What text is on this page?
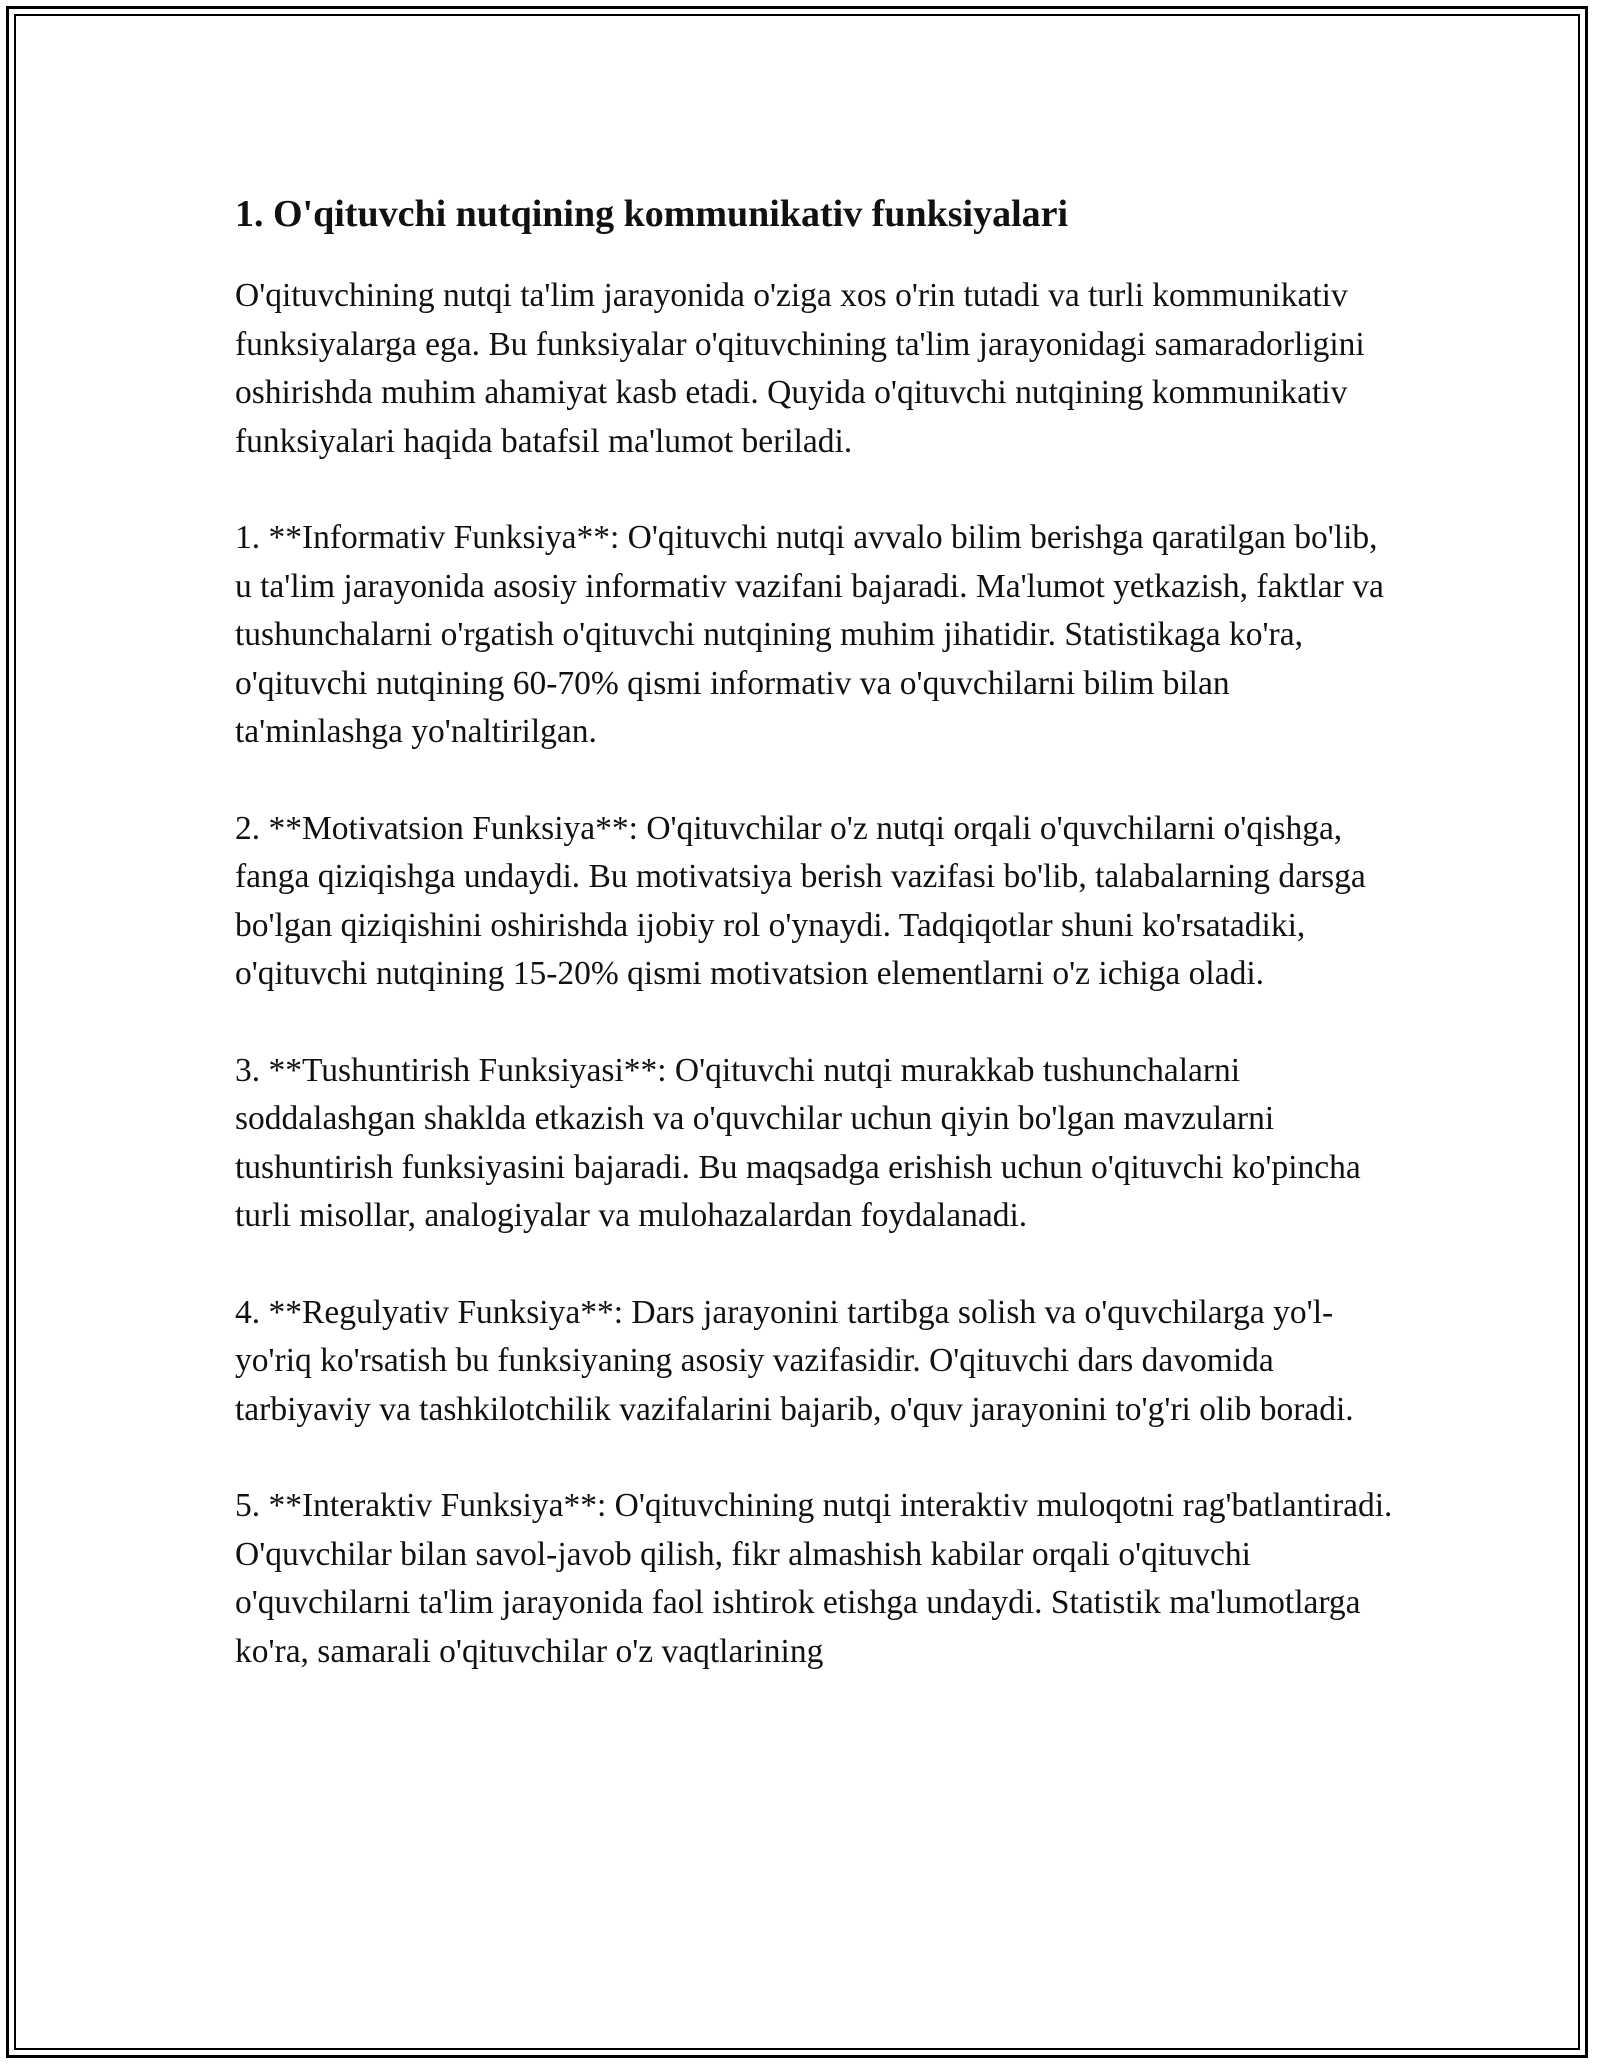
1. O'qituvchi nutqining kommunikativ funksiyalari

O'qituvchining nutqi ta'lim jarayonida o'ziga xos o'rin tutadi va turli kommunikativ funksiyalarga ega. Bu funksiyalar o'qituvchining ta'lim jarayonidagi samaradorligini oshirishda muhim ahamiyat kasb etadi. Quyida o'qituvchi nutqining kommunikativ funksiyalari haqida batafsil ma'lumot beriladi.

1. **Informativ Funksiya**: O'qituvchi nutqi avvalo bilim berishga qaratilgan bo'lib, u ta'lim jarayonida asosiy informativ vazifani bajaradi. Ma'lumot yetkazish, faktlar va tushunchalarni o'rgatish o'qituvchi nutqining muhim jihatidir. Statistikaga ko'ra, o'qituvchi nutqining 60-70% qismi informativ va o'quvchilarni bilim bilan ta'minlashga yo'naltirilgan.

2. **Motivatsion Funksiya**: O'qituvchilar o'z nutqi orqali o'quvchilarni o'qishga, fanga qiziqishga undaydi. Bu motivatsiya berish vazifasi bo'lib, talabalarning darsga bo'lgan qiziqishini oshirishda ijobiy rol o'ynaydi. Tadqiqotlar shuni ko'rsatadiki, o'qituvchi nutqining 15-20% qismi motivatsion elementlarni o'z ichiga oladi.

3. **Tushuntirish Funksiyasi**: O'qituvchi nutqi murakkab tushunchalarni soddalashgan shaklda etkazish va o'quvchilar uchun qiyin bo'lgan mavzularni tushuntirish funksiyasini bajaradi. Bu maqsadga erishish uchun o'qituvchi ko'pincha turli misollar, analogiyalar va mulohazalardan foydalanadi.

4. **Regulyativ Funksiya**: Dars jarayonini tartibga solish va o'quvchilarga yo'l-yo'riq ko'rsatish bu funksiyaning asosiy vazifasidir. O'qituvchi dars davomida tarbiyaviy va tashkilotchilik vazifalarini bajarib, o'quv jarayonini to'g'ri olib boradi.

5. **Interaktiv Funksiya**: O'qituvchining nutqi interaktiv muloqotni rag'batlantiradi. O'quvchilar bilan savol-javob qilish, fikr almashish kabilar orqali o'qituvchi o'quvchilarni ta'lim jarayonida faol ishtirok etishga undaydi. Statistik ma'lumotlarga ko'ra, samarali o'qituvchilar o'z vaqtlarining
